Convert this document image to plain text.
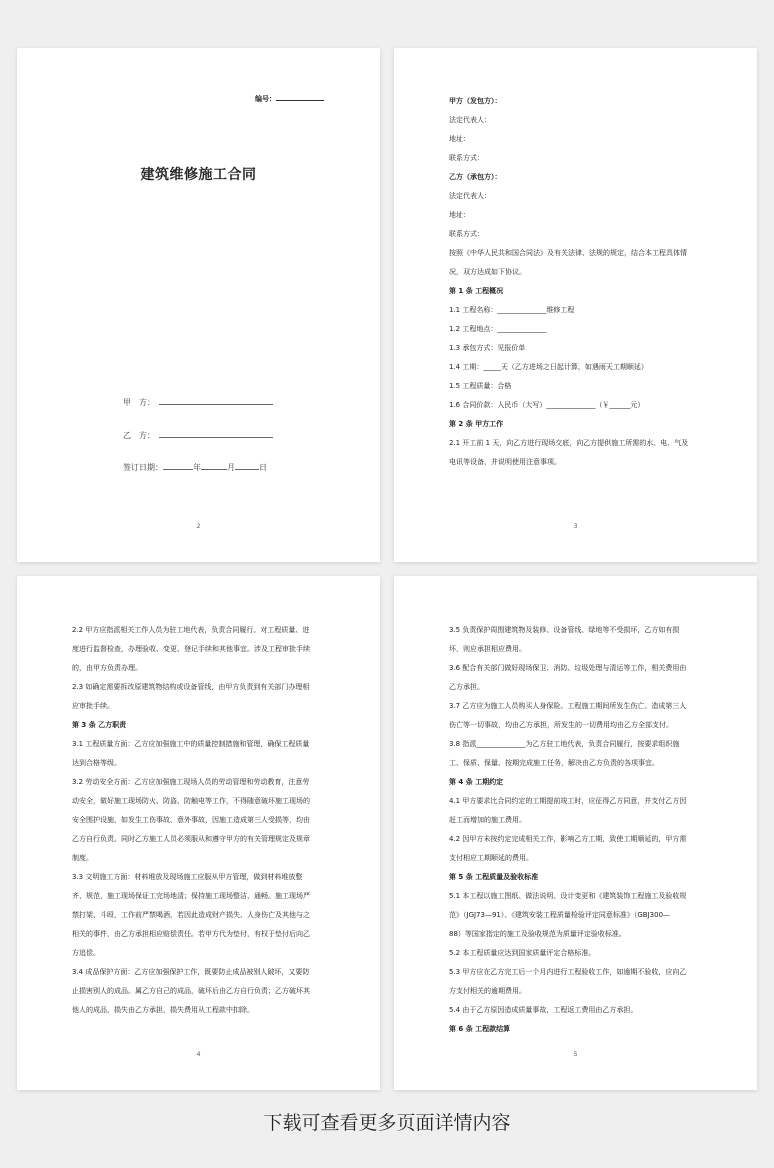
编号：
建筑维修施工合同
甲　方：
乙　方：
签订日期：	年	月	日
2

甲方（发包方）：

法定代表人：

地址：

联系方式：

乙方（承包方）：

法定代表人：

地址：

联系方式：

按照《中华人民共和国合同法》及有关法律、法规的规定，结合本工程具体情

况，双方达成如下协议。

第 1 条 工程概况

1.1 工程名称：______________维修工程

1.2 工程地点：______________

1.3 承包方式：见报价单

1.4 工期：_____天（乙方进场之日起计算，如遇雨天工期顺延）

1.5 工程质量：合格

1.6 合同价款：人民币（大写）______________（￥______元）

第 2 条 甲方工作

2.1 开工前 1 天，向乙方进行现场交底，向乙方提供施工所需的水、电、气及

电讯等设备，并说明使用注意事项。

3

2.2 甲方应指派相关工作人员为驻工地代表，负责合同履行。对工程质量、进

度进行监督检查，办理验收、变更、登记手续和其他事宜。涉及工程审批手续

的，由甲方负责办理。

2.3 如确定需要拆改原建筑物结构或设备管线，由甲方负责到有关部门办理相

应审批手续。

第 3 条 乙方职责

3.1 工程质量方面：乙方应加强施工中的质量控制措施和管理，确保工程质量

达到合格等级。

3.2 劳动安全方面：乙方应加强施工现场人员的劳动管理和劳动教育，注意劳

动安全，做好施工现场防火、防盗、防触电等工作，不得随意破坏施工现场的

安全围护设施，如发生工伤事故、意外事故，因施工造成第三人受损等，均由

乙方自行负责。同时乙方施工人员必须服从和遵守甲方的有关管理规定及规章

制度。

3.3 文明施工方面：材料堆放及现场施工应服从甲方管理，做到材料堆放整

齐、规范，施工现场保证工完场地清；保持施工现场整洁、通畅。施工现场严

禁打架、斗殴，工作前严禁喝酒，若因此造成财产损失、人身伤亡及其他与之

相关的事件，由乙方承担相应赔偿责任。若甲方代为垫付，有权于垫付后向乙

方追偿。

3.4 成品保护方面：乙方应加强保护工作，既要防止成品被别人破坏，又要防

止损害别人的成品。属乙方自己的成品，破坏后由乙方自行负责；乙方破坏其

他人的成品，损失由乙方承担，损失费用从工程款中扣除。

4

3.5 负责保护周围建筑物及装修、设备管线、绿地等不受损坏，乙方如有损

坏，则应承担相应费用。

3.6 配合有关部门做好现场保卫、消防、垃圾处理与清运等工作，相关费用由

乙方承担。

3.7 乙方应为施工人员购买人身保险。工程施工期间所发生伤亡、造成第三人

伤亡等一切事故，均由乙方承担，所发生的一切费用均由乙方全部支付。

3.8 指派______________为乙方驻工地代表，负责合同履行，按要求组织施

工、保质、保量、按期完成施工任务，解决由乙方负责的各项事宜。

第 4 条 工期约定

4.1 甲方要求比合同约定的工期提前竣工时，应征得乙方同意，并支付乙方因

赶工而增加的施工费用。

4.2 因甲方未按约定完成相关工作，影响乙方工期，致使工期顺延的，甲方需

支付相应工期顺延的费用。

第 5 条 工程质量及验收标准

5.1 本工程以施工图纸、做法说明、设计变更和《建筑装饰工程施工及验收规

范》（JGJ73—91）、《建筑安装工程质量检验评定同意标准》（GBJ300—

88）等国家指定的施工及验收规范为质量评定验收标准。

5.2 本工程质量应达到国家质量评定合格标准。

5.3 甲方应在乙方完工后一个月内进行工程验收工作，如逾期不验收，应向乙

方支付相关的逾期费用。

5.4 由于乙方原因造成质量事故，工程返工费用由乙方承担。

第 6 条 工程款结算

5
下载可查看更多页面详情内容
